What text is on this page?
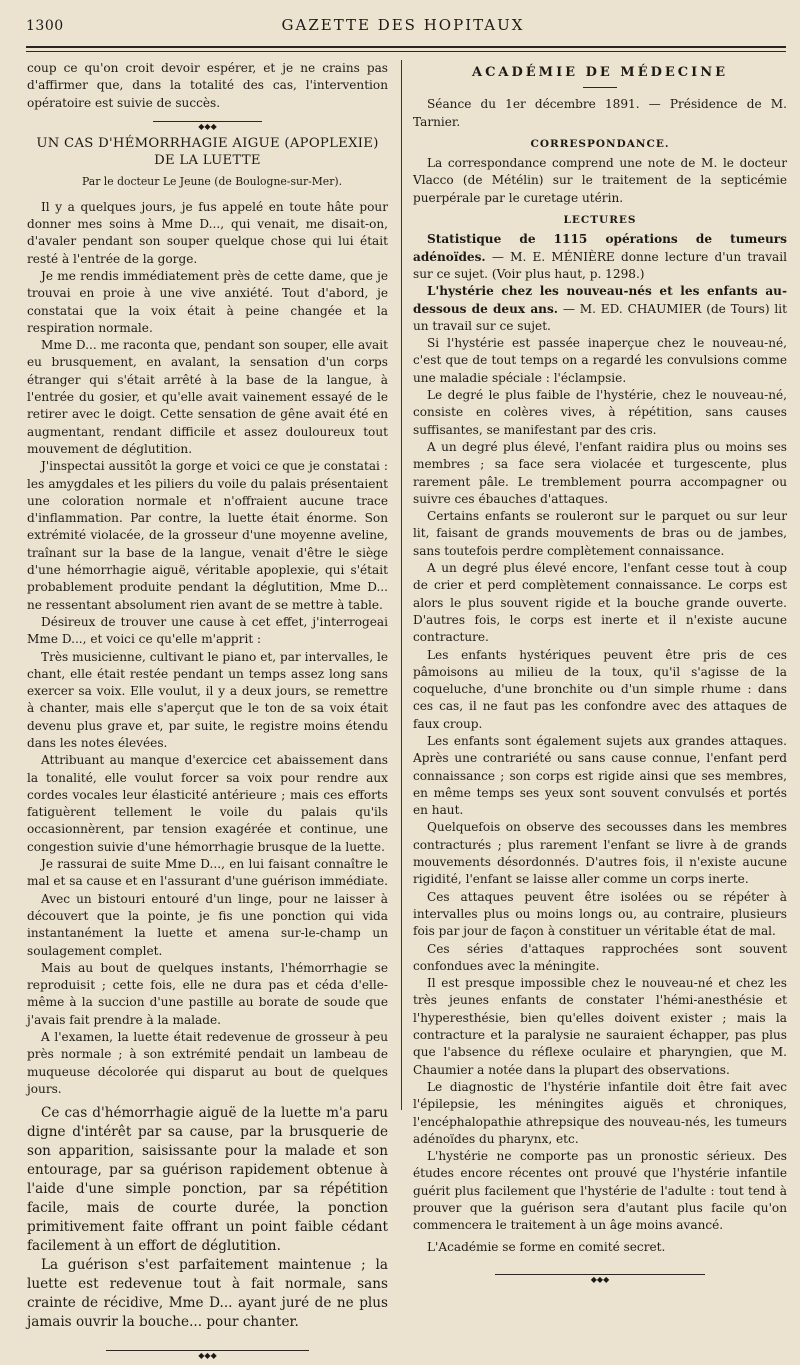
1300	GAZETTE DES HOPITAUX

coup ce qu'on croit devoir espérer, et je ne crains pas d'affirmer que, dans la totalité des cas, l'intervention opératoire est suivie de succès.

◆◆◆
UN CAS D'HÉMORRHAGIE AIGUE (APOPLEXIE) DE LA LUETTE
Par le docteur Le Jeune (de Boulogne-sur-Mer).

Il y a quelques jours, je fus appelé en toute hâte pour donner mes soins à Mme D..., qui venait, me disait-on, d'avaler pendant son souper quelque chose qui lui était resté à l'entrée de la gorge.

Je me rendis immédiatement près de cette dame, que je trouvai en proie à une vive anxiété. Tout d'abord, je constatai que la voix était à peine changée et la respiration normale.

Mme D... me raconta que, pendant son souper, elle avait eu brusquement, en avalant, la sensation d'un corps étranger qui s'était arrêté à la base de la langue, à l'entrée du gosier, et qu'elle avait vainement essayé de le retirer avec le doigt. Cette sensation de gêne avait été en augmentant, rendant difficile et assez douloureux tout mouvement de déglutition.

J'inspectai aussitôt la gorge et voici ce que je constatai : les amygdales et les piliers du voile du palais présentaient une coloration normale et n'offraient aucune trace d'inflammation. Par contre, la luette était énorme. Son extrémité violacée, de la grosseur d'une moyenne aveline, traînant sur la base de la langue, venait d'être le siège d'une hémorrhagie aiguë, véritable apoplexie, qui s'était probablement produite pendant la déglutition, Mme D... ne ressentant absolument rien avant de se mettre à table.

Désireux de trouver une cause à cet effet, j'interrogeai Mme D..., et voici ce qu'elle m'apprit :

Très musicienne, cultivant le piano et, par intervalles, le chant, elle était restée pendant un temps assez long sans exercer sa voix. Elle voulut, il y a deux jours, se remettre à chanter, mais elle s'aperçut que le ton de sa voix était devenu plus grave et, par suite, le registre moins étendu dans les notes élevées.

Attribuant au manque d'exercice cet abaissement dans la tonalité, elle voulut forcer sa voix pour rendre aux cordes vocales leur élasticité antérieure ; mais ces efforts fatiguèrent tellement le voile du palais qu'ils occasionnèrent, par tension exagérée et continue, une congestion suivie d'une hémorrhagie brusque de la luette.

Je rassurai de suite Mme D..., en lui faisant connaître le mal et sa cause et en l'assurant d'une guérison immédiate.

Avec un bistouri entouré d'un linge, pour ne laisser à découvert que la pointe, je fis une ponction qui vida instantanément la luette et amena sur-le-champ un soulagement complet.

Mais au bout de quelques instants, l'hémorrhagie se reproduisit ; cette fois, elle ne dura pas et céda d'elle-même à la succion d'une pastille au borate de soude que j'avais fait prendre à la malade.

A l'examen, la luette était redevenue de grosseur à peu près normale ; à son extrémité pendait un lambeau de muqueuse décolorée qui disparut au bout de quelques jours.

Ce cas d'hémorrhagie aiguë de la luette m'a paru digne d'intérêt par sa cause, par la brusquerie de son apparition, saisissante pour la malade et son entourage, par sa guérison rapidement obtenue à l'aide d'une simple ponction, par sa répétition facile, mais de courte durée, la ponction primitivement faite offrant un point faible cédant facilement à un effort de déglutition.

La guérison s'est parfaitement maintenue ; la luette est redevenue tout à fait normale, sans crainte de récidive, Mme D... ayant juré de ne plus jamais ouvrir la bouche... pour chanter.

◆◆◆
ACADÉMIE DE MÉDECINE

Séance du 1er décembre 1891. — Présidence de M. Tarnier.

CORRESPONDANCE.

La correspondance comprend une note de M. le docteur Vlacco (de Métélin) sur le traitement de la septicémie puerpérale par le curetage utérin.

LECTURES

Statistique de 1115 opérations de tumeurs adénoïdes. — M. E. MÉNIÈRE donne lecture d'un travail sur ce sujet. (Voir plus haut, p. 1298.)

L'hystérie chez les nouveau-nés et les enfants au-dessous de deux ans. — M. ED. CHAUMIER (de Tours) lit un travail sur ce sujet.

Si l'hystérie est passée inaperçue chez le nouveau-né, c'est que de tout temps on a regardé les convulsions comme une maladie spéciale : l'éclampsie.

Le degré le plus faible de l'hystérie, chez le nouveau-né, consiste en colères vives, à répétition, sans causes suffisantes, se manifestant par des cris.

A un degré plus élevé, l'enfant raidira plus ou moins ses membres ; sa face sera violacée et turgescente, plus rarement pâle. Le tremblement pourra accompagner ou suivre ces ébauches d'attaques.

Certains enfants se rouleront sur le parquet ou sur leur lit, faisant de grands mouvements de bras ou de jambes, sans toutefois perdre complètement connaissance.

A un degré plus élevé encore, l'enfant cesse tout à coup de crier et perd complètement connaissance. Le corps est alors le plus souvent rigide et la bouche grande ouverte. D'autres fois, le corps est inerte et il n'existe aucune contracture.

Les enfants hystériques peuvent être pris de ces pâmoisons au milieu de la toux, qu'il s'agisse de la coqueluche, d'une bronchite ou d'un simple rhume : dans ces cas, il ne faut pas les confondre avec des attaques de faux croup.

Les enfants sont également sujets aux grandes attaques. Après une contrariété ou sans cause connue, l'enfant perd connaissance ; son corps est rigide ainsi que ses membres, en même temps ses yeux sont souvent convulsés et portés en haut.

Quelquefois on observe des secousses dans les membres contracturés ; plus rarement l'enfant se livre à de grands mouvements désordonnés. D'autres fois, il n'existe aucune rigidité, l'enfant se laisse aller comme un corps inerte.

Ces attaques peuvent être isolées ou se répéter à intervalles plus ou moins longs ou, au contraire, plusieurs fois par jour de façon à constituer un véritable état de mal.

Ces séries d'attaques rapprochées sont souvent confondues avec la méningite.

Il est presque impossible chez le nouveau-né et chez les très jeunes enfants de constater l'hémi-anesthésie et l'hyperesthésie, bien qu'elles doivent exister ; mais la contracture et la paralysie ne sauraient échapper, pas plus que l'absence du réflexe oculaire et pharyngien, que M. Chaumier a notée dans la plupart des observations.

Le diagnostic de l'hystérie infantile doit être fait avec l'épilepsie, les méningites aiguës et chroniques, l'encéphalopathie athrepsique des nouveau-nés, les tumeurs adénoïdes du pharynx, etc.

L'hystérie ne comporte pas un pronostic sérieux. Des études encore récentes ont prouvé que l'hystérie infantile guérit plus facilement que l'hystérie de l'adulte : tout tend à prouver que la guérison sera d'autant plus facile qu'on commencera le traitement à un âge moins avancé.

L'Académie se forme en comité secret.

◆◆◆
